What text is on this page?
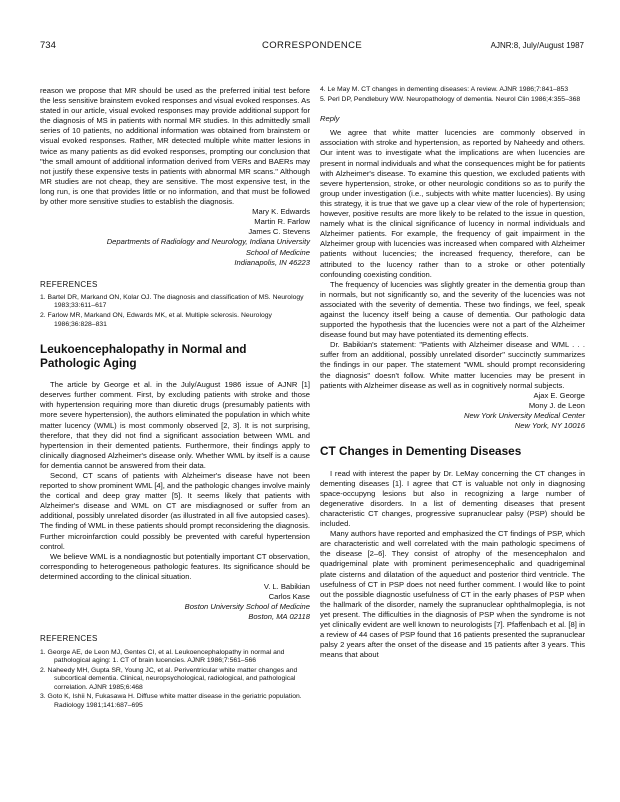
734	CORRESPONDENCE	AJNR:8, July/August 1987

reason we propose that MR should be used as the preferred initial test before the less sensitive brainstem evoked responses and visual evoked responses. As stated in our article, visual evoked responses may provide additional support for the diagnosis of MS in patients with normal MR studies. In this admittedly small series of 10 patients, no additional information was obtained from brainstem or visual evoked responses. Rather, MR detected multiple white matter lesions in twice as many patients as did evoked responses, prompting our conclusion that "the small amount of additional information derived from VERs and BAERs may not justify these expensive tests in patients with abnormal MR scans." Although MR studies are not cheap, they are sensitive. The most expensive test, in the long run, is one that provides little or no information, and that must be followed by other more sensitive studies to establish the diagnosis.

Mary K. Edwards
Martin R. Farlow
James C. Stevens
Departments of Radiology and Neurology, Indiana University
School of Medicine
Indianapolis, IN 46223
REFERENCES
1. Bartel DR, Markand ON, Kolar OJ. The diagnosis and classification of MS. Neurology 1983;33:611–617
2. Farlow MR, Markand ON, Edwards MK, et al. Multiple sclerosis. Neurology 1986;36:828–831
Leukoencephalopathy in Normal and Pathologic Aging

The article by George et al. in the July/August 1986 issue of AJNR [1] deserves further comment. First, by excluding patients with stroke and those with hypertension requiring more than diuretic drugs (presumably patients with more severe hypertension), the authors eliminated the population in which white matter lucency (WML) is most commonly observed [2, 3]. It is not surprising, therefore, that they did not find a significant association between WML and hypertension in their demented patients. Furthermore, their findings apply to clinically diagnosed Alzheimer's disease only. Whether WML by itself is a cause for dementia cannot be answered from their data.

Second, CT scans of patients with Alzheimer's disease have not been reported to show prominent WML [4], and the pathologic changes involve mainly the cortical and deep gray matter [5]. It seems likely that patients with Alzheimer's disease and WML on CT are misdiagnosed or suffer from an additional, possibly unrelated disorder (as illustrated in all five autopsied cases). The finding of WML in these patients should prompt reconsidering the diagnosis. Further microinfarction could possibly be prevented with careful hypertension control.

We believe WML is a nondiagnostic but potentially important CT observation, corresponding to heterogeneous pathologic features. Its significance should be determined according to the clinical situation.

V. L. Babikian
Carlos Kase
Boston University School of Medicine
Boston, MA 02118
REFERENCES
1. George AE, de Leon MJ, Gentes CI, et al. Leukoencephalopathy in normal and pathological aging: 1. CT of brain lucencies. AJNR 1986;7:561–566
2. Naheedy MH, Gupta SR, Young JC, et al. Periventricular white matter changes and subcortical dementia. Clinical, neuropsychological, radiological, and pathological correlation. AJNR 1985;6:468
3. Goto K, Ishii N, Fukasawa H. Diffuse white matter disease in the geriatric population. Radiology 1981;141:687–695
4. Le May M. CT changes in dementing diseases: A review. AJNR 1986;7:841–853
5. Perl DP, Pendlebury WW. Neuropathology of dementia. Neurol Clin 1986;4:355–368
Reply

We agree that white matter lucencies are commonly observed in association with stroke and hypertension, as reported by Naheedy and others. Our intent was to investigate what the implications are when lucencies are present in normal individuals and what the consequences might be for patients with Alzheimer's disease. To examine this question, we excluded patients with severe hypertension, stroke, or other neurologic conditions so as to purify the group under investigation (i.e., subjects with white matter lucencies). By using this strategy, it is true that we gave up a clear view of the role of hypertension; however, positive results are more likely to be related to the issue in question, namely what is the clinical significance of lucency in normal individuals and Alzheimer patients. For example, the frequency of gait impairment in the Alzheimer group with lucencies was increased when compared with Alzheimer patients without lucencies; the increased frequency, therefore, can be attributed to the lucency rather than to a stroke or other potentially confounding coexisting condition.

The frequency of lucencies was slightly greater in the dementia group than in normals, but not significantly so, and the severity of the lucencies was not associated with the severity of dementia. These two findings, we feel, speak against the lucency itself being a cause of dementia. Our pathologic data supported the hypothesis that the lucencies were not a part of the Alzheimer disease found but may have potentiated its dementing effects.

Dr. Babikian's statement: "Patients with Alzheimer disease and WML . . . suffer from an additional, possibly unrelated disorder" succinctly summarizes the findings in our paper. The statement "WML should prompt reconsidering the diagnosis" doesn't follow. White matter lucencies may be present in patients with Alzheimer disease as well as in cognitively normal subjects.

Ajax E. George
Mony J. de Leon
New York University Medical Center
New York, NY 10016
CT Changes in Dementing Diseases

I read with interest the paper by Dr. LeMay concerning the CT changes in dementing diseases [1]. I agree that CT is valuable not only in diagnosing space-occupyng lesions but also in recognizing a large number of degenerative disorders. In a list of dementing diseases that present characteristic CT changes, progressive supranuclear palsy (PSP) should be included.

Many authors have reported and emphasized the CT findings of PSP, which are characteristic and well correlated with the main pathologic specimens of the disease [2–6]. They consist of atrophy of the mesencephalon and quadrigeminal plate with prominent perimesencephalic and quadrigeminal plate cisterns and dilatation of the aqueduct and posterior third ventricle. The usefulness of CT in PSP does not need further comment. I would like to point out the possible diagnostic usefulness of CT in the early phases of PSP when the hallmark of the disorder, namely the supranuclear ophthalmoplegia, is not yet present. The difficulties in the diagnosis of PSP when the syndrome is not yet clinically evident are well known to neurologists [7]. Pfaffenbach et al. [8] in a review of 44 cases of PSP found that 16 patients presented the supranuclear palsy 2 years after the onset of the disease and 15 patients after 3 years. This means that about
